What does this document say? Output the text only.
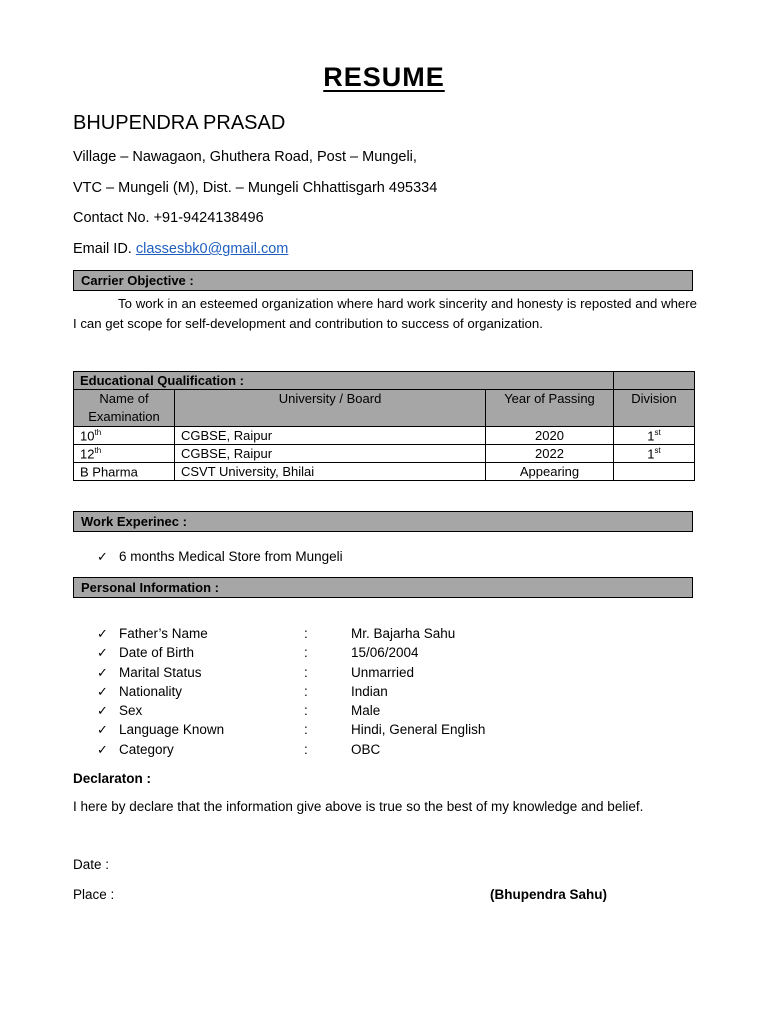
RESUME
BHUPENDRA PRASAD
Village – Nawagaon, Ghuthera Road, Post – Mungeli,
VTC – Mungeli (M), Dist. – Mungeli Chhattisgarh 495334
Contact No. +91-9424138496
Email ID. classesbk0@gmail.com
Carrier Objective :
To work in an esteemed organization where hard work sincerity and honesty is reposted and where I can get scope for self-development and contribution to success of organization.
Educational Qualification :			
Name of Examination	University / Board	Year of Passing	Division
10th	CGBSE, Raipur	2020	1st
12th	CGBSE, Raipur	2022	1st
B Pharma	CSVT University, Bhilai	Appearing	
Work Experinec :
✓ 6 months Medical Store from Mungeli
Personal Information :
✓ Father’s Name	:	Mr. Bajarha Sahu
✓ Date of Birth	:	15/06/2004
✓ Marital Status	:	Unmarried
✓ Nationality	:	Indian
✓ Sex	:	Male
✓ Language Known	:	Hindi, General English
✓ Category	:	OBC
Declaraton :
I here by declare that the information give above is true so the best of my knowledge and belief.
Date :
Place :	(Bhupendra Sahu)
